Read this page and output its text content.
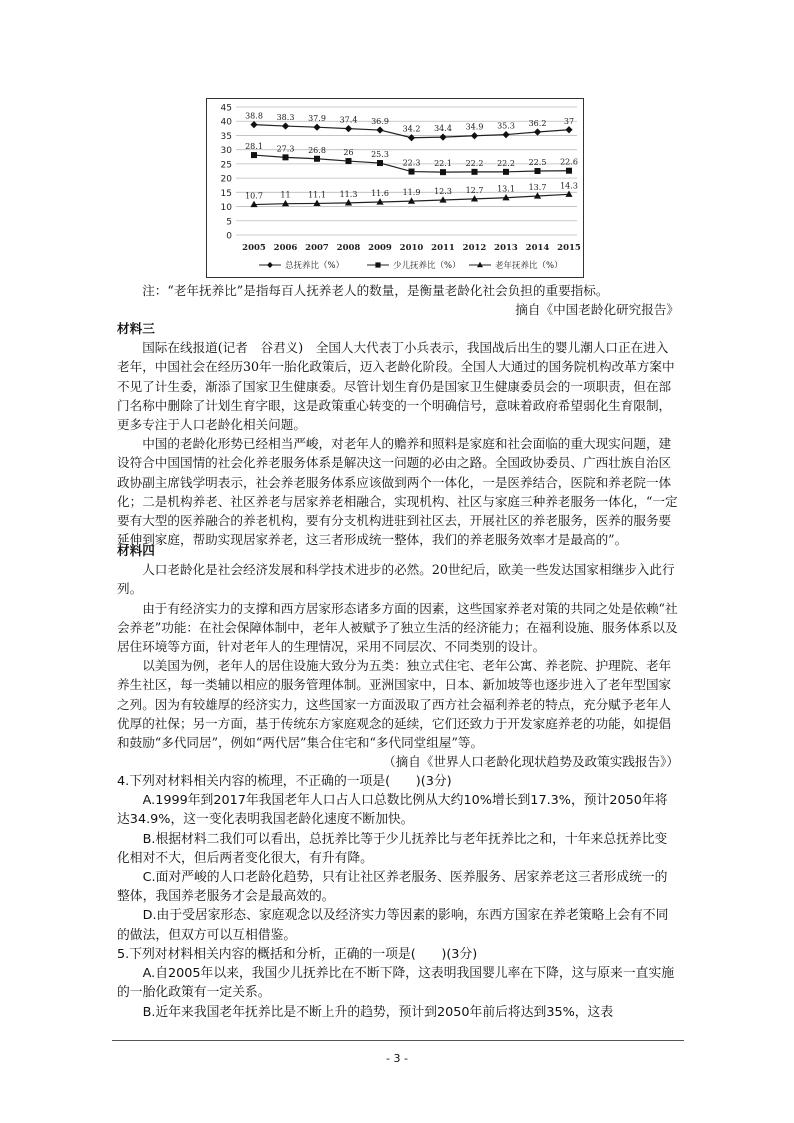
0
5
10
15
20
25
30
35
40
45
2005 2006 2007 2008 2009 2010 2011 2012 2013 2014 2015
38.8 38.3 37.9 37.4 36.9
34.2 34.4 34.9 35.3 36.2 37
28.1 27.3 26.8 26 25.3
22.3 22.1 22.2 22.2 22.5 22.6
10.7 11 11.1 11.3 11.6 11.9 12.3 12.7 13.1 13.7 14.3
总抚养比（%）	少儿抚养比（%）	老年抚养比（%）

注：“老年抚养比”是指每百人抚养老人的数量，是衡量老龄化社会负担的重要指标。

摘自《中国老龄化研究报告》

材料三

国际在线报道(记者　谷君义)　全国人大代表丁小兵表示，我国战后出生的婴儿潮人口正在进入老年，中国社会在经历30年一胎化政策后，迈入老龄化阶段。全国人大通过的国务院机构改革方案中不见了计生委，渐添了国家卫生健康委。尽管计划生育仍是国家卫生健康委员会的一项职责，但在部门名称中删除了计划生育字眼，这是政策重心转变的一个明确信号，意味着政府希望弱化生育限制，更多专注于人口老龄化相关问题。

中国的老龄化形势已经相当严峻，对老年人的赡养和照料是家庭和社会面临的重大现实问题，建设符合中国国情的社会化养老服务体系是解决这一问题的必由之路。全国政协委员、广西壮族自治区政协副主席钱学明表示，社会养老服务体系应该做到两个一体化，一是医养结合，医院和养老院一体化；二是机构养老、社区养老与居家养老相融合，实现机构、社区与家庭三种养老服务一体化，“一定要有大型的医养融合的养老机构，要有分支机构进驻到社区去，开展社区的养老服务，医养的服务要延伸到家庭，帮助实现居家养老，这三者形成统一整体，我们的养老服务效率才是最高的”。

材料四

人口老龄化是社会经济发展和科学技术进步的必然。20世纪后，欧美一些发达国家相继步入此行列。

由于有经济实力的支撑和西方居家形态诸多方面的因素，这些国家养老对策的共同之处是依赖“社会养老”功能：在社会保障体制中，老年人被赋予了独立生活的经济能力；在福利设施、服务体系以及居住环境等方面，针对老年人的生理情况，采用不同层次、不同类别的设计。

以美国为例，老年人的居住设施大致分为五类：独立式住宅、老年公寓、养老院、护理院、老年养生社区，每一类辅以相应的服务管理体制。亚洲国家中，日本、新加坡等也逐步进入了老年型国家之列。因为有较雄厚的经济实力，这些国家一方面汲取了西方社会福利养老的特点，充分赋予老年人优厚的社保；另一方面，基于传统东方家庭观念的延续，它们还致力于开发家庭养老的功能，如提倡和鼓励“多代同居”，例如“两代居”集合住宅和“多代同堂组屋”等。

（摘自《世界人口老龄化现状趋势及政策实践报告》）

4.下列对材料相关内容的梳理，不正确的一项是(　　)(3分)

A.1999年到2017年我国老年人口占人口总数比例从大约10%增长到17.3%，预计2050年将达34.9%，这一变化表明我国老龄化速度不断加快。

B.根据材料二我们可以看出，总抚养比等于少儿抚养比与老年抚养比之和，十年来总抚养比变化相对不大，但后两者变化很大，有升有降。

C.面对严峻的人口老龄化趋势，只有让社区养老服务、医养服务、居家养老这三者形成统一的整体，我国养老服务才会是最高效的。

D.由于受居家形态、家庭观念以及经济实力等因素的影响，东西方国家在养老策略上会有不同的做法，但双方可以互相借鉴。

5.下列对材料相关内容的概括和分析，正确的一项是(　　)(3分)

A.自2005年以来，我国少儿抚养比在不断下降，这表明我国婴儿率在下降，这与原来一直实施的一胎化政策有一定关系。

B.近年来我国老年抚养比是不断上升的趋势，预计到2050年前后将达到35%，这表

- 3 -
